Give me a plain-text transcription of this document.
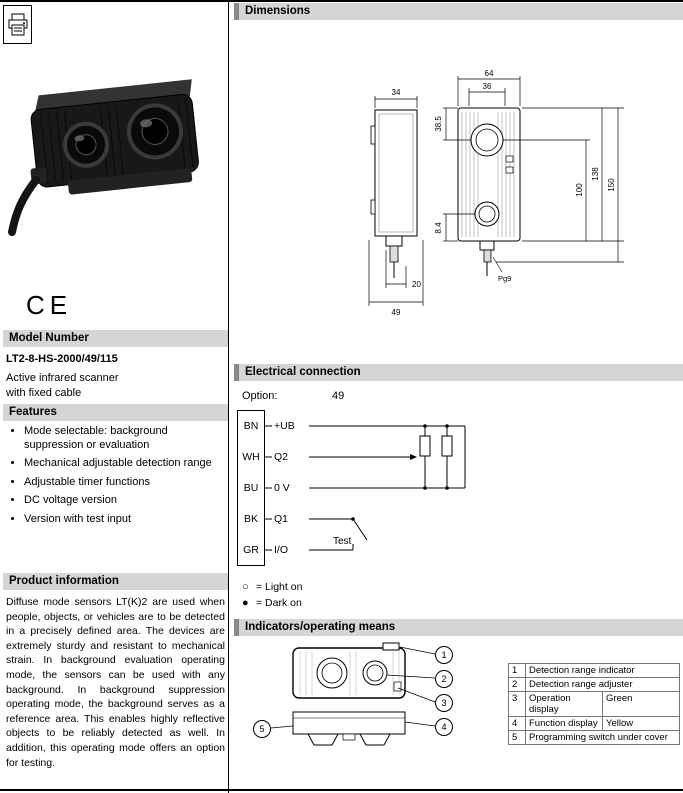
CE
Model Number
LT2-8-HS-2000/49/115
Active infrared scanner
with fixed cable
Features
• Mode selectable: background suppression or evaluation
• Mechanical adjustable detection range
• Adjustable timer functions
• DC voltage version
• Version with test input
Product information
Diffuse mode sensors LT(K)2 are used when people, objects, or vehicles are to be detected in a precisely defined area. The devices are extremely sturdy and resistant to mechanical strain. In background evaluation operating mode, the sensors can be used with any background. In background suppression operating mode, the background serves as a reference area. This enables highly reflective objects to be reliably detected as well. In addition, this operating mode offers an option for testing.
Dimensions
34
20
49
Pg9
64
36
38.5
8.4
100
138
150
Electrical connection
Option:	49
BN
WH
BU
BK
GR
+UB
Q2
0 V
Q1
I/O
Test
○ = Light on
● = Dark on
Indicators/operating means
1
2
3
4
5
1	Detection range indicator	
2	Detection range adjuster	
3	Operation display	Green
4	Function display	Yellow
5	Programming switch under cover	
